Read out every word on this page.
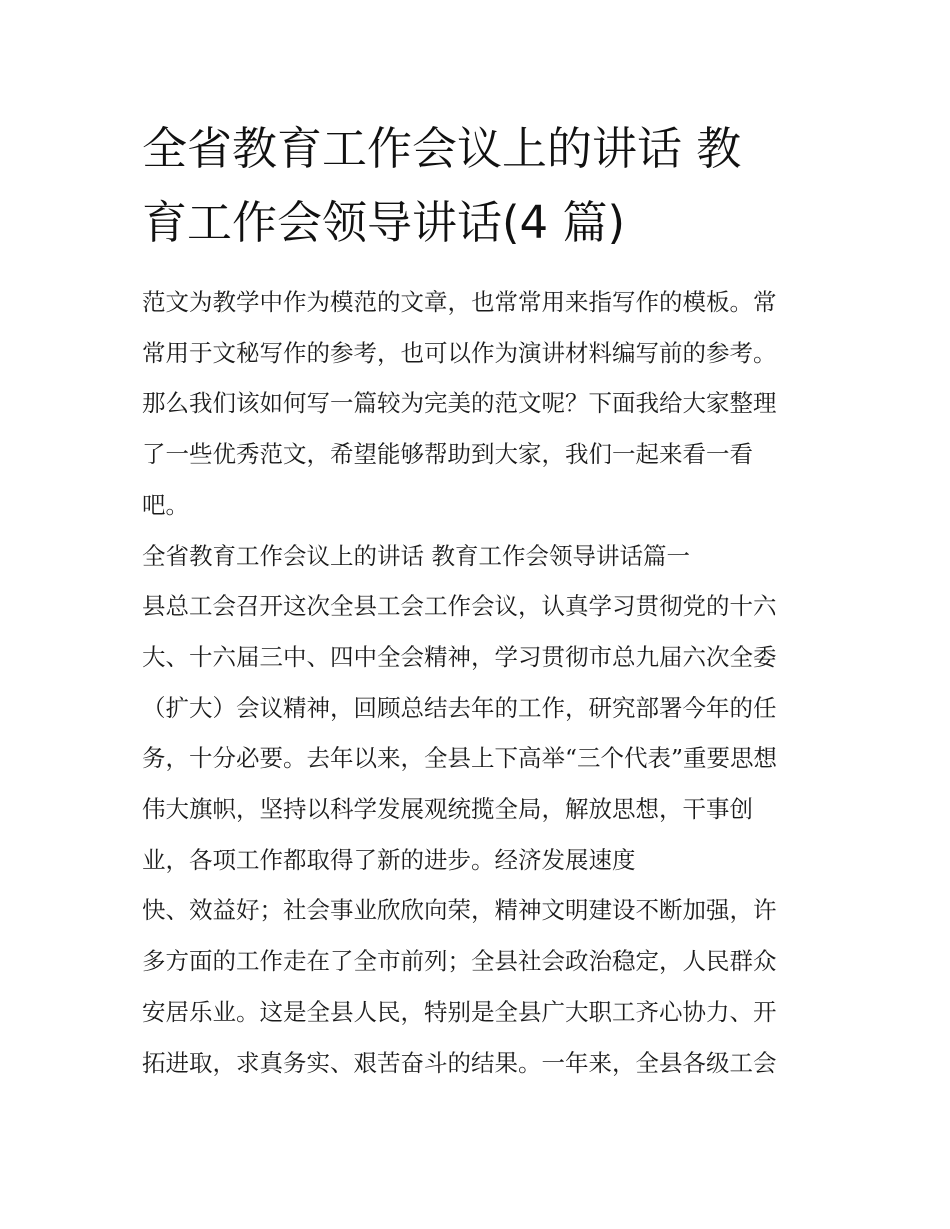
全省教育工作会议上的讲话 教
育工作会领导讲话(4 篇)

范文为教学中作为模范的文章，也常常用来指写作的模板。常

常用于文秘写作的参考，也可以作为演讲材料编写前的参考。

那么我们该如何写一篇较为完美的范文呢？下面我给大家整理

了一些优秀范文，希望能够帮助到大家，我们一起来看一看

吧。

全省教育工作会议上的讲话 教育工作会领导讲话篇一

县总工会召开这次全县工会工作会议，认真学习贯彻党的十六

大、十六届三中、四中全会精神，学习贯彻市总九届六次全委

（扩大）会议精神，回顾总结去年的工作，研究部署今年的任

务，十分必要。去年以来，全县上下高举“三个代表”重要思想

伟大旗帜，坚持以科学发展观统揽全局，解放思想，干事创

业，各项工作都取得了新的进步。经济发展速度

快、效益好；社会事业欣欣向荣，精神文明建设不断加强，许

多方面的工作走在了全市前列；全县社会政治稳定，人民群众

安居乐业。这是全县人民，特别是全县广大职工齐心协力、开

拓进取，求真务实、艰苦奋斗的结果。一年来，全县各级工会
